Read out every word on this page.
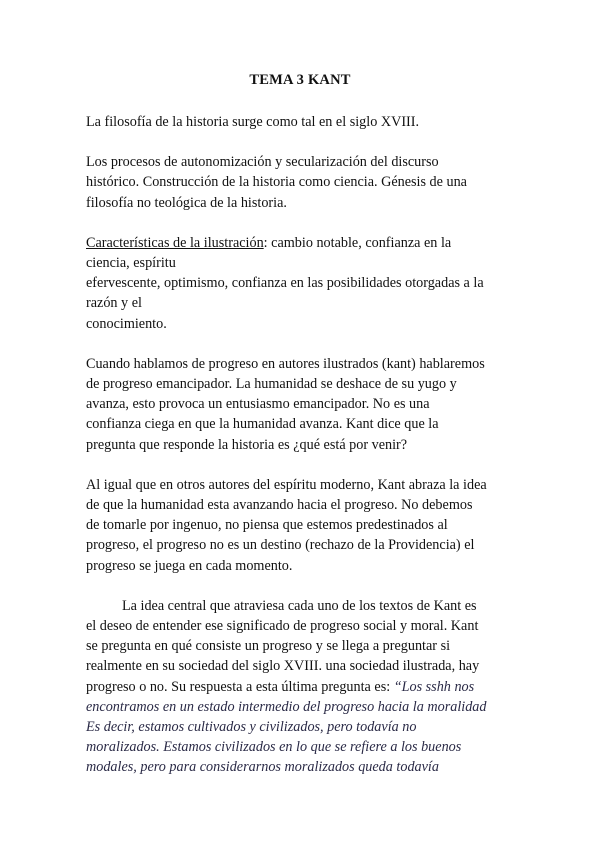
TEMA 3 KANT

La filosofía de la historia surge como tal en el siglo XVIII.

Los procesos de autonomización y secularización del discurso
histórico. Construcción de la historia como ciencia. Génesis de una
filosofía no teológica de la historia.

Características de la ilustración: cambio notable, confianza en la
ciencia, espíritu
efervescente, optimismo, confianza en las posibilidades otorgadas a la
razón y el
conocimiento.

Cuando hablamos de progreso en autores ilustrados (kant) hablaremos
de progreso emancipador. La humanidad se deshace de su yugo y
avanza, esto provoca un entusiasmo emancipador. No es una
confianza ciega en que la humanidad avanza. Kant dice que la
pregunta que responde la historia es ¿qué está por venir?

Al igual que en otros autores del espíritu moderno, Kant abraza la idea
de que la humanidad esta avanzando hacia el progreso. No debemos
de tomarle por ingenuo, no piensa que estemos predestinados al
progreso, el progreso no es un destino (rechazo de la Providencia) el
progreso se juega en cada momento.

La idea central que atraviesa cada uno de los textos de Kant es
el deseo de entender ese significado de progreso social y moral. Kant
se pregunta en qué consiste un progreso y se llega a preguntar si
realmente en su sociedad del siglo XVIII. una sociedad ilustrada, hay
progreso o no. Su respuesta a esta última pregunta es: “Los sshh nos
encontramos en un estado intermedio del progreso hacia la moralidad
Es decir, estamos cultivados y civilizados, pero todavía no
moralizados. Estamos civilizados en lo que se refiere a los buenos
modales, pero para considerarnos moralizados queda todavía
